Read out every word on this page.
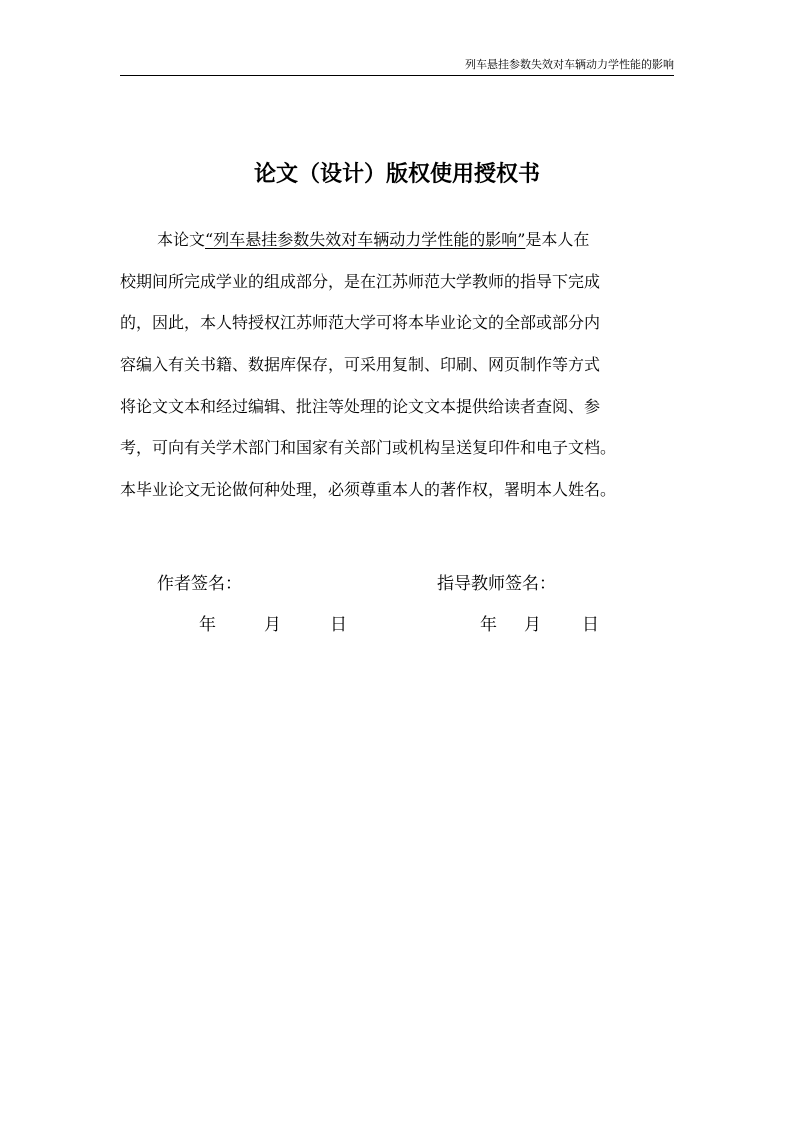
列车悬挂参数失效对车辆动力学性能的影响
论文（设计）版权使用授权书
本论文“列车悬挂参数失效对车辆动力学性能的影响”是本人在
校期间所完成学业的组成部分，是在江苏师范大学教师的指导下完成
的，因此，本人特授权江苏师范大学可将本毕业论文的全部或部分内
容编入有关书籍、数据库保存，可采用复制、印刷、网页制作等方式
将论文文本和经过编辑、批注等处理的论文文本提供给读者查阅、参
考，可向有关学术部门和国家有关部门或机构呈送复印件和电子文档。
本毕业论文无论做何种处理，必须尊重本人的著作权，署明本人姓名。
作者签名：	指导教师签名：
年	月	日	年 月 日
